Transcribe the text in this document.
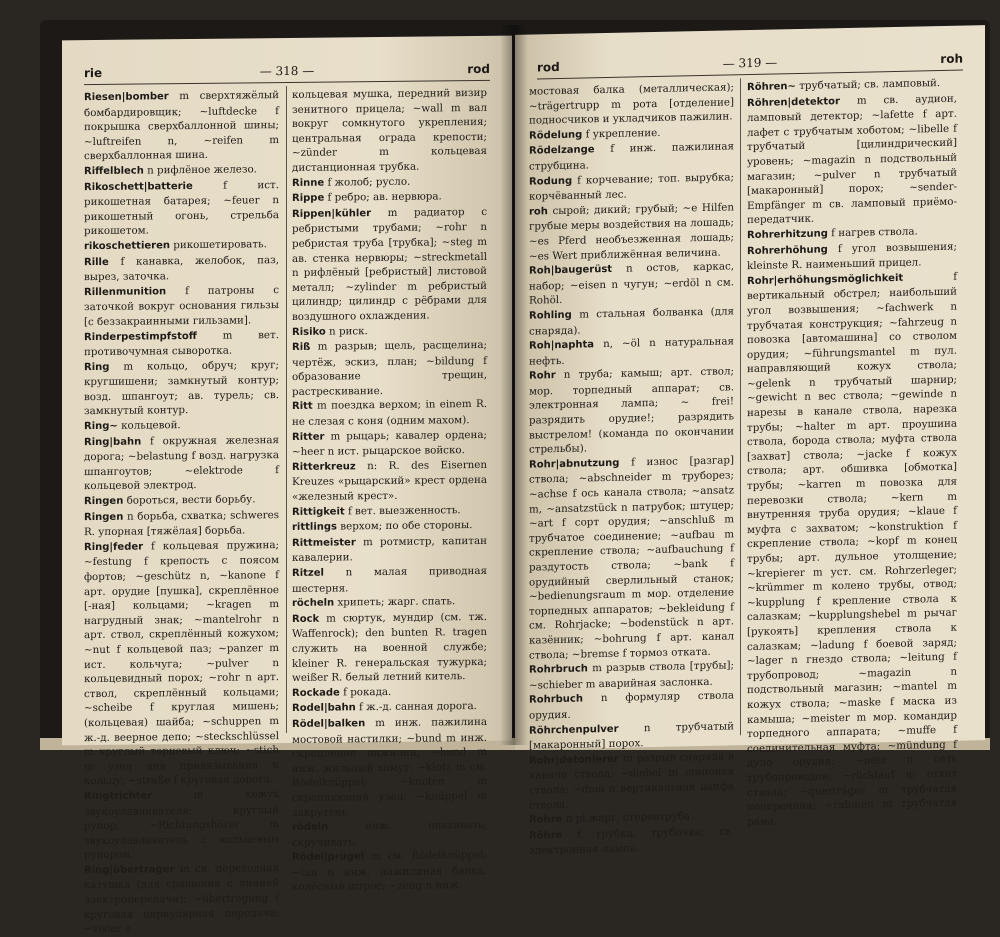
rie	— 318 —	rod

Riesen|bomber m сверхтяжёлый бомбардировщик; ~luftdecke f покрышка сверхбаллонной шины; ~luftreifen n, ~reifen m сверхбаллонная шина.

Riffelblech n рифлёное железо.

Rikoschett|batterie	f ист. рикошетная батарея; ~feuer n рикошетный огонь, стрельба рикошетом.

rikoschettieren рикошетировать.

Rille f канавка, желобок, паз, вырез, заточка.

Rillenmunition f патроны с заточкой вокруг основания гильзы [с беззакраинными гильзами].

Rinderpestimpfstoff	m вет. противочумная сыворотка.

Ring m кольцо, обруч; круг; кругшишени; замкнутый контур; возд. шпангоут; ав. турель; св. замкнутый контур.

Ring~ кольцевой.

Ring|bahn f окружная железная дорога; ~belastung f возд. нагрузка шпангоутов; ~elektrode f кольцевой электрод.

Ringen бороться, вести борьбу.

Ringen n борьба, схватка; schweres R. упорная [тяжёлая] борьба.

Ring|feder f кольцевая пружина; ~festung f крепость с поясом фортов; ~geschütz n, ~kanone f арт. орудие [пушка], скреплённое [-ная] кольцами; ~kragen m нагрудный знак; ~mantelrohr n арт. ствол, скреплённый кожухом; ~nut f кольцевой паз; ~panzer m ист. кольчуга; ~pulver n кольцевидный порох; ~rohr n арт. ствол, скреплённый кольцами; ~scheibe f круглая мишень; (кольцевая) шайба; ~schuppen m ж.-д. веерное депо; ~steckschlüssel m круглый торцевый ключ; ~stich m узел для привязывания к кольцу; ~straße f круговая дорога.

Ringtrichter	m кожух звукоулавливателя; круглый рупор; ~Richtungshörer m звукоулавливатель с кольцевым рупором.

Ring|übertrager m св. переходная катушка (для сращения с линией электропередачи); ~übertragung f круговая циркулярная передача; ~visier n

кольцевая мушка, передний визир зенитного прицела; ~wall m вал вокруг сомкнутого укрепления; центральная ограда крепости; ~zünder m кольцевая дистанционная трубка.

Rinne f жолоб; русло.

Rippe f ребро; ав. нервюра.

Rippen|kühler m радиатор с ребристыми трубами; ~rohr n ребристая труба [трубка]; ~steg m ав. стенка нервюры; ~streckmetall n рифлёный [ребристый] листовой металл; ~zylinder m ребристый цилиндр; цилиндр с рёбрами для воздушного охлаждения.

Risiko n риск.

Riß m разрыв; щель, расщелина; чертёж, эскиз, план; ~bildung f образование трещин, растрескивание.

Ritt m поездка верхом; in einem R. не слезая с коня (одним махом).

Ritter m рыцарь; кавалер ордена; ~heer n ист. рыцарское войско.

Ritterkreuz n: R. des Eisernen Kreuzes «рыцарский» крест ордена «железный крест».

Rittigkeit f вет. выезженность.

rittlings верхом; по обе стороны.

Rittmeister m ротмистр, капитан кавалерии.

Ritzel n малая приводная шестерня.

röcheln хрипеть; жарг. спать.

Rock m сюртук, мундир (см. тж. Waffenrock); den bunten R. tragen служить на военной службе; kleiner R. генеральская тужурка; weißer R. белый летний китель.

Rockade f рокада.

Rodel|bahn f ж.-д. санная дорога.

Rödel|balken m инж. пажилина мостовой настилки; ~bund m инж. скрепление пажилин; ~hund m инж. жильный хомут; ~klotz m см. Rödelknüppel; ~knoten m скрепляющий узел; ~knüppel m закрутень.

rödeln	инж. опахивать; скручивать.

Rödel|prügel m см. Rödelknüppel; ~tau n инж. пажилиная балка, колёсный штрос; ~zeug n инж.

rod	— 319 —	roh

мостовая балка (металлическая); ~trägertrupp m рота [отделение] подносчиков и укладчиков пажилин.

Rödelung f укрепление.

Rödelzange f инж. пажилиная струбцина.

Rodung f корчевание; топ. вырубка; корчёванный лес.

roh сырой; дикий; грубый; ~e Hilfen грубые меры воздействия на лошадь; ~es Pferd необъезженная лошадь; ~es Wert приближённая величина.

Roh|baugerüst n остов, каркас, набор; ~eisen n чугун; ~erdöl n см. Rohöl.

Rohling m стальная болванка (для снаряда).

Roh|naphta n, ~öl n натуральная нефть.

Rohr n труба; камыш; арт. ствол; мор. торпедный аппарат; св. электронная лампа; ~ frei! разрядить орудие!; разрядить выстрелом! (команда по окончании стрельбы).

Rohr|abnutzung f износ [разгар] ствола; ~abschneider m труборез; ~achse f ось канала ствола; ~ansatz m, ~ansatzstück n патрубок; штуцер; ~art f сорт орудия; ~anschluß m трубчатое соединение; ~aufbau m скрепление ствола; ~aufbauchung f раздутость ствола; ~bank f орудийный сверлильный станок; ~bedienungsraum m мор. отделение торпедных аппаратов; ~bekleidung f см. Rohrjacke; ~bodenstück n арт. казённик; ~bohrung f арт. канал ствола; ~bremse f тормоз отката.

Rohrbruch m разрыв ствола [трубы]; ~schieber m аварийная заслонка.

Rohrbuch n формуляр ствола орудия.

Röhrchenpulver n трубчатый [макаронный] порох.

Rohr|detonierer m разрыв снаряда в канале ствола; ~diebel m шипонка ствола; ~dom n вертикальная цапфа ствола.

Rohre n pl жарг. стереотруба.

Röhre f трубка, трубочка; св. электронная лампа.

Röhren~ трубчатый; св. ламповый.

Röhren|detektor m св. аудион, ламповый детектор; ~lafette f арт. лафет с трубчатым хоботом; ~libelle f трубчатый [цилиндрический] уровень; ~magazin n подствольный магазин; ~pulver n трубчатый [макаронный] порох; ~sender-Empfänger m св. ламповый приёмо-передатчик.

Rohrerhitzung f нагрев ствола.

Rohrerhöhung f угол возвышения; kleinste R. наименьший прицел.

Rohr|erhöhungsmöglichkeit	f вертикальный обстрел; наибольший угол возвышения; ~fachwerk n трубчатая конструкция; ~fahrzeug n повозка [автомашина] со стволом орудия; ~führungsmantel m пул. направляющий кожух ствола; ~gelenk n трубчатый шарнир; ~gewicht n вес ствола; ~gewinde n нарезы в канале ствола, нарезка трубы; ~halter m арт. проушина ствола, борода ствола; муфта ствола [захват] ствола; ~jacke f кожух ствола; арт. обшивка [обмотка] трубы; ~karren m повозка для перевозки ствола; ~kern m внутренняя труба орудия; ~klaue f муфта с захватом; ~konstruktion f скрепление ствола; ~kopf m конец трубы; арт. дульное утолщение; ~krepierer m уст. см. Rohrzerleger; ~krümmer m колено трубы, отвод; ~kupplung f крепление ствола к салазкам; ~kupplungshebel m рычаг [рукоять] крепления ствола к салазкам; ~ladung f боевой заряд; ~lager n гнездо ствола; ~leitung f трубопровод; ~magazin n подствольный магазин; ~mantel m кожух ствола; ~maske f маска из камыша; ~meister m мор. командир торпедного аппарата; ~muffe f соединительная муфта; ~mündung f дуло орудия; ~netz n сеть трубопроводов; ~rücklauf m откат ствола; ~querträger m трубчатая поперечина; ~rahmen m трубчатая рама.
